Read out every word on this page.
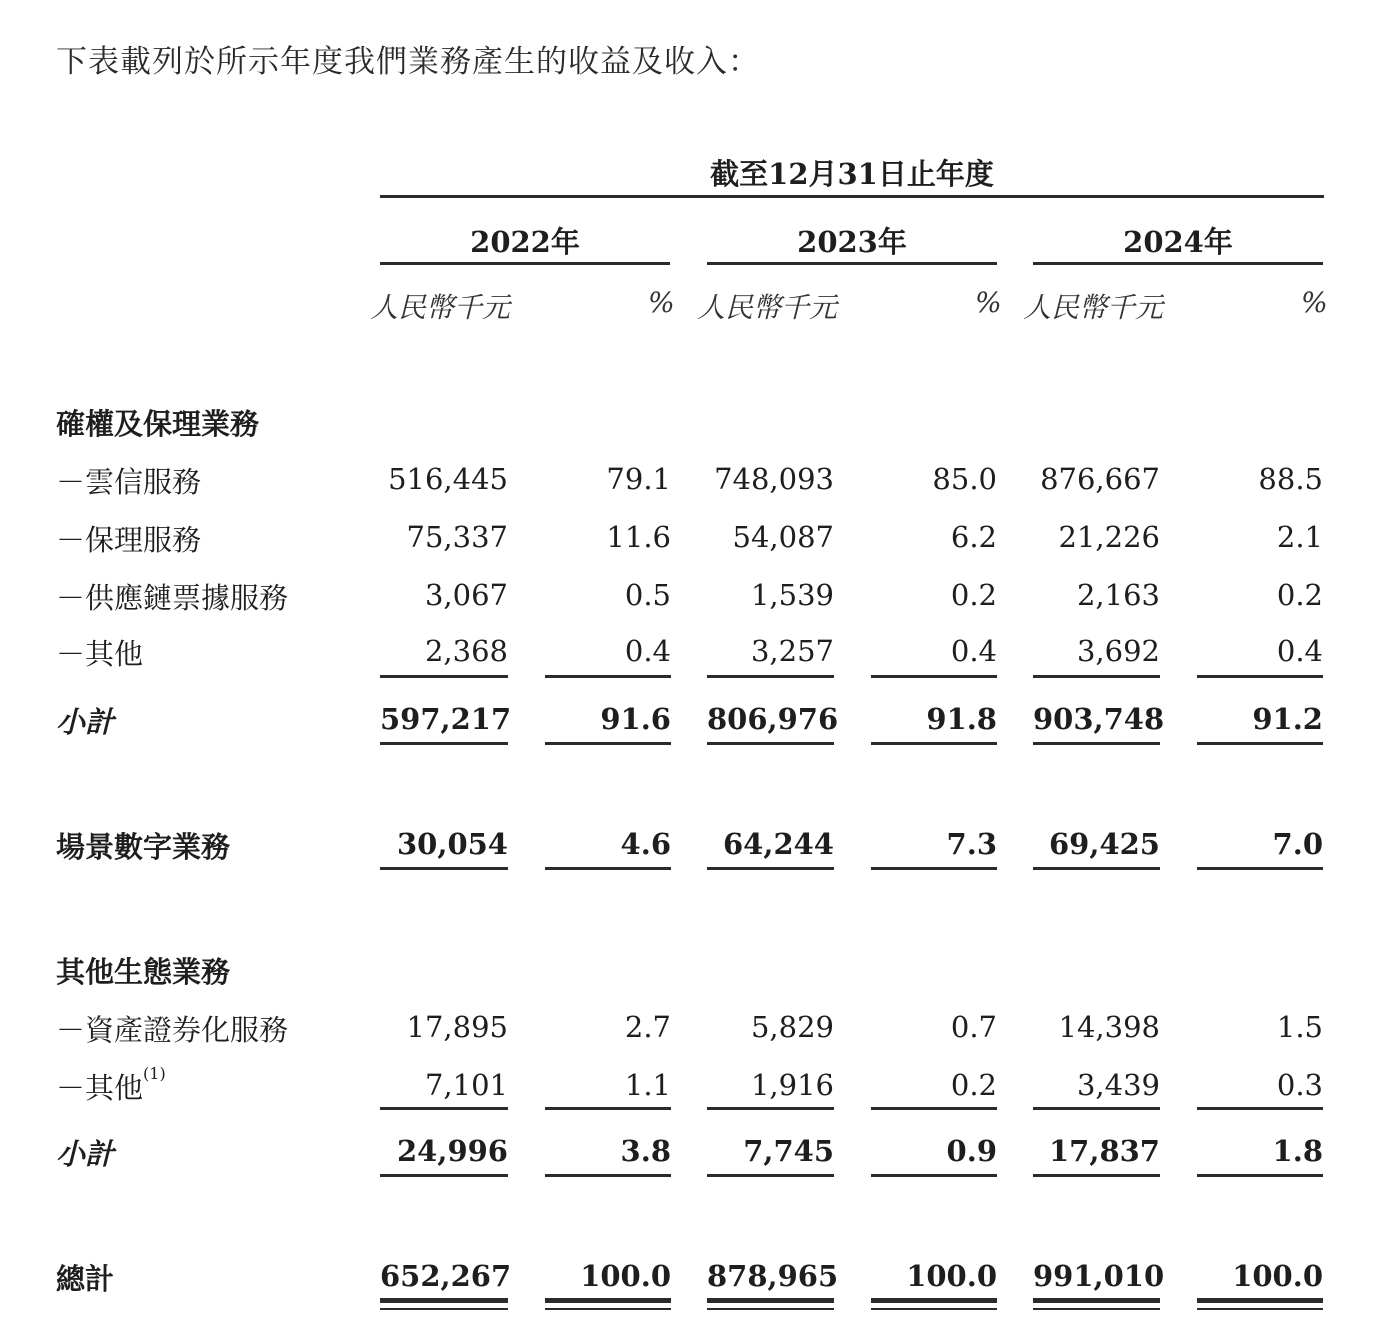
下表載列於所示年度我們業務產生的收益及收入：
截至12月31日止年度
2022年	2023年	2024年
人民幣千元	% 人民幣千元	% 人民幣千元	%
確權及保理業務
－雲信服務	516,445	79.1 748,093	85.0 876,667	88.5
－保理服務	75,337	11.6	54,087	6.2	21,226	2.1
－供應鏈票據服務	3,067	0.5	1,539	0.2	2,163	0.2
－其他	2,368	0.4	3,257	0.4	3,692	0.4
小計	597,217	91.6 806,976	91.8 903,748	91.2
場景數字業務	30,054	4.6	64,244	7.3	69,425	7.0
其他生態業務
－資產證券化服務	17,895	2.7	5,829	0.7	14,398	1.5
－其他$^{(1)}$	7,101	1.1	1,916	0.2	3,439	0.3
小計	24,996	3.8	7,745	0.9	17,837	1.8
總計	652,267	100.0 878,965	100.0 991,010	100.0
